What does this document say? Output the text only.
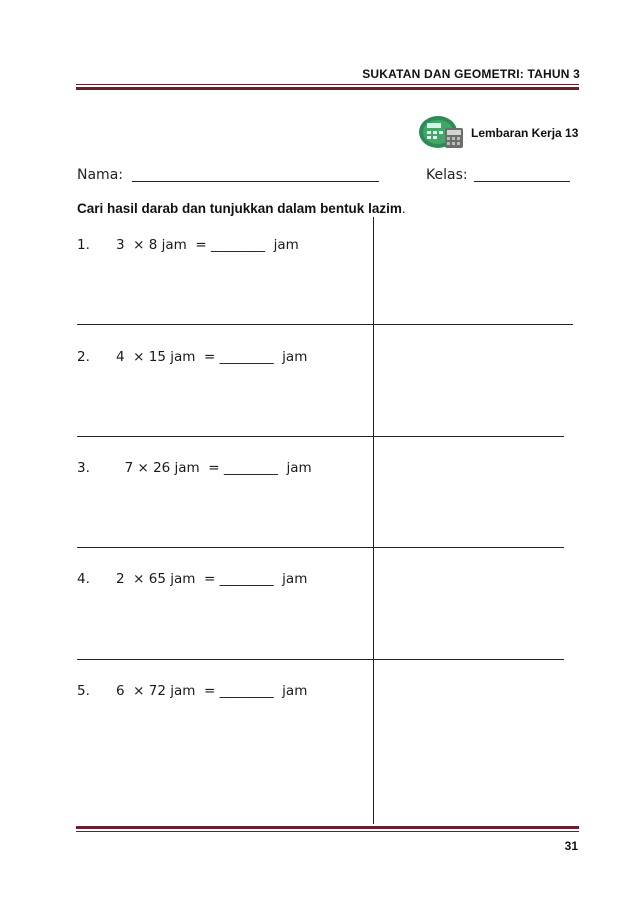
SUKATAN DAN GEOMETRI: TAHUN 3
Lembaran Kerja 13
Nama:	Kelas:
Cari hasil darab dan tunjukkan dalam bentuk lazim.
1. 3  × 8 jam  = ________  jam
2. 4  × 15 jam  = ________  jam
3. 7 × 26 jam  = ________  jam
4. 2  × 65 jam  = ________  jam
5. 6  × 72 jam  = ________  jam
31
